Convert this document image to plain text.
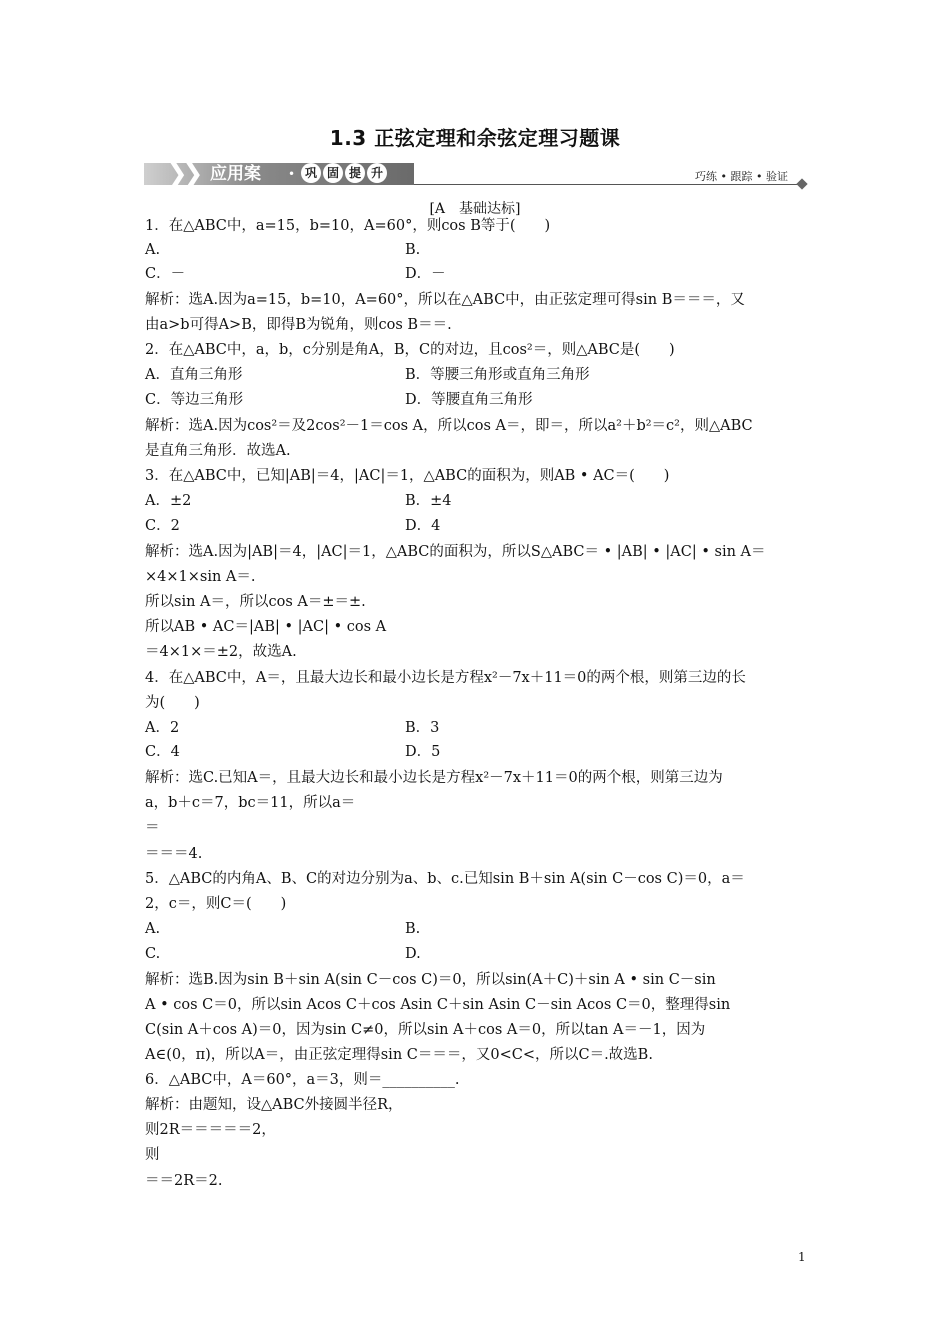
1.3 正弦定理和余弦定理习题课
❯❯ 应用案 • 巩 固 提 升	巧练 • 跟踪 • 验证
[A　基础达标]
1．在△ABC中，a=15，b=10，A=60°，则cos B等于(　　)
A.	B.
C．－	D．－
解析：选A.因为a=15，b=10，A=60°，所以在△ABC中，由正弦定理可得sin B＝＝＝，又
由a>b可得A>B，即得B为锐角，则cos B＝＝.
2．在△ABC中，a，b，c分别是角A，B，C的对边，且cos²＝，则△ABC是(　　)
A．直角三角形	B．等腰三角形或直角三角形
C．等边三角形	D．等腰直角三角形
解析：选A.因为cos²＝及2cos²－1＝cos A，所以cos A＝，即＝，所以a²＋b²＝c²，则△ABC
是直角三角形．故选A.
3．在△ABC中，已知|AB|＝4，|AC|＝1，△ABC的面积为，则AB • AC＝(　　)
A．±2	B．±4
C．2	D．4
解析：选A.因为|AB|＝4，|AC|＝1，△ABC的面积为，所以S△ABC＝ • |AB| • |AC| • sin A＝
×4×1×sin A＝.
所以sin A＝，所以cos A＝±＝±.
所以AB • AC＝|AB| • |AC| • cos A
＝4×1×＝±2，故选A.
4．在△ABC中，A＝，且最大边长和最小边长是方程x²－7x＋11＝0的两个根，则第三边的长
为(　　)
A．2	B．3
C．4	D．5
解析：选C.已知A＝，且最大边长和最小边长是方程x²－7x＋11＝0的两个根，则第三边为
a，b＋c＝7，bc＝11，所以a＝
＝
＝＝＝4.
5．△ABC的内角A、B、C的对边分别为a、b、c.已知sin B＋sin A(sin C－cos C)＝0，a＝
2，c＝，则C＝(　　)
A.	B.
C.	D.
解析：选B.因为sin B＋sin A(sin C－cos C)＝0，所以sin(A＋C)＋sin A • sin C－sin
A • cos C＝0，所以sin Acos C＋cos Asin C＋sin Asin C－sin Acos C＝0，整理得sin
C(sin A＋cos A)＝0，因为sin C≠0，所以sin A＋cos A＝0，所以tan A＝－1，因为
A∈(0，π)，所以A＝，由正弦定理得sin C＝＝＝，又0<C<，所以C＝.故选B.
6．△ABC中，A＝60°，a＝3，则＝__________.
解析：由题知，设△ABC外接圆半径R，
则2R＝＝＝＝＝2，
则
＝＝2R＝2.
1
